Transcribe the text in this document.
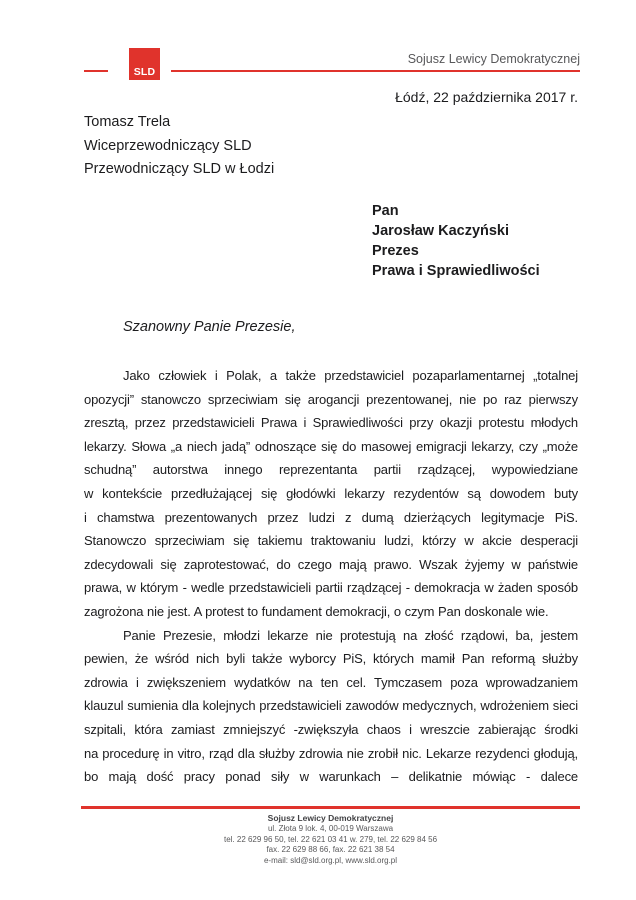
SLD
Sojusz Lewicy Demokratycznej
Łódź, 22 października 2017 r.
Tomasz Trela
Wiceprzewodniczący SLD
Przewodniczący SLD w Łodzi
Pan
Jarosław Kaczyński
Prezes
Prawa i Sprawiedliwości
Szanowny Panie Prezesie,
Jako człowiek i Polak, a także przedstawiciel pozaparlamentarnej „totalnej
opozycji” stanowczo sprzeciwiam się arogancji prezentowanej, nie po raz pierwszy
zresztą, przez przedstawicieli Prawa i Sprawiedliwości przy okazji protestu młodych
lekarzy. Słowa „a niech jadą” odnoszące się do masowej emigracji lekarzy, czy „może
schudną” autorstwa innego reprezentanta partii rządzącej, wypowiedziane
w kontekście przedłużającej się głodówki lekarzy rezydentów są dowodem buty
i chamstwa prezentowanych przez ludzi z dumą dzierżących legitymacje PiS.
Stanowczo sprzeciwiam się takiemu traktowaniu ludzi, którzy w akcie desperacji
zdecydowali się zaprotestować, do czego mają prawo. Wszak żyjemy w państwie
prawa, w którym - wedle przedstawicieli partii rządzącej - demokracja w żaden sposób
zagrożona nie jest. A protest to fundament demokracji, o czym Pan doskonale wie.
Panie Prezesie, młodzi lekarze nie protestują na złość rządowi, ba, jestem
pewien, że wśród nich byli także wyborcy PiS, których mamił Pan reformą służby
zdrowia i zwiększeniem wydatków na ten cel. Tymczasem poza wprowadzaniem
klauzul sumienia dla kolejnych przedstawicieli zawodów medycznych, wdrożeniem sieci
szpitali, która zamiast zmniejszyć -zwiększyła chaos i wreszcie zabierając środki
na procedurę in vitro, rząd dla służby zdrowia nie zrobił nic. Lekarze rezydenci głodują,
bo mają dość pracy ponad siły w warunkach – delikatnie mówiąc - dalece
Sojusz Lewicy Demokratycznej
ul. Złota 9 lok. 4, 00-019 Warszawa
tel. 22 629 96 50, tel. 22 621 03 41 w. 279, tel. 22 629 84 56
fax. 22 629 88 66, fax. 22 621 38 54
e-mail: sld@sld.org.pl, www.sld.org.pl
